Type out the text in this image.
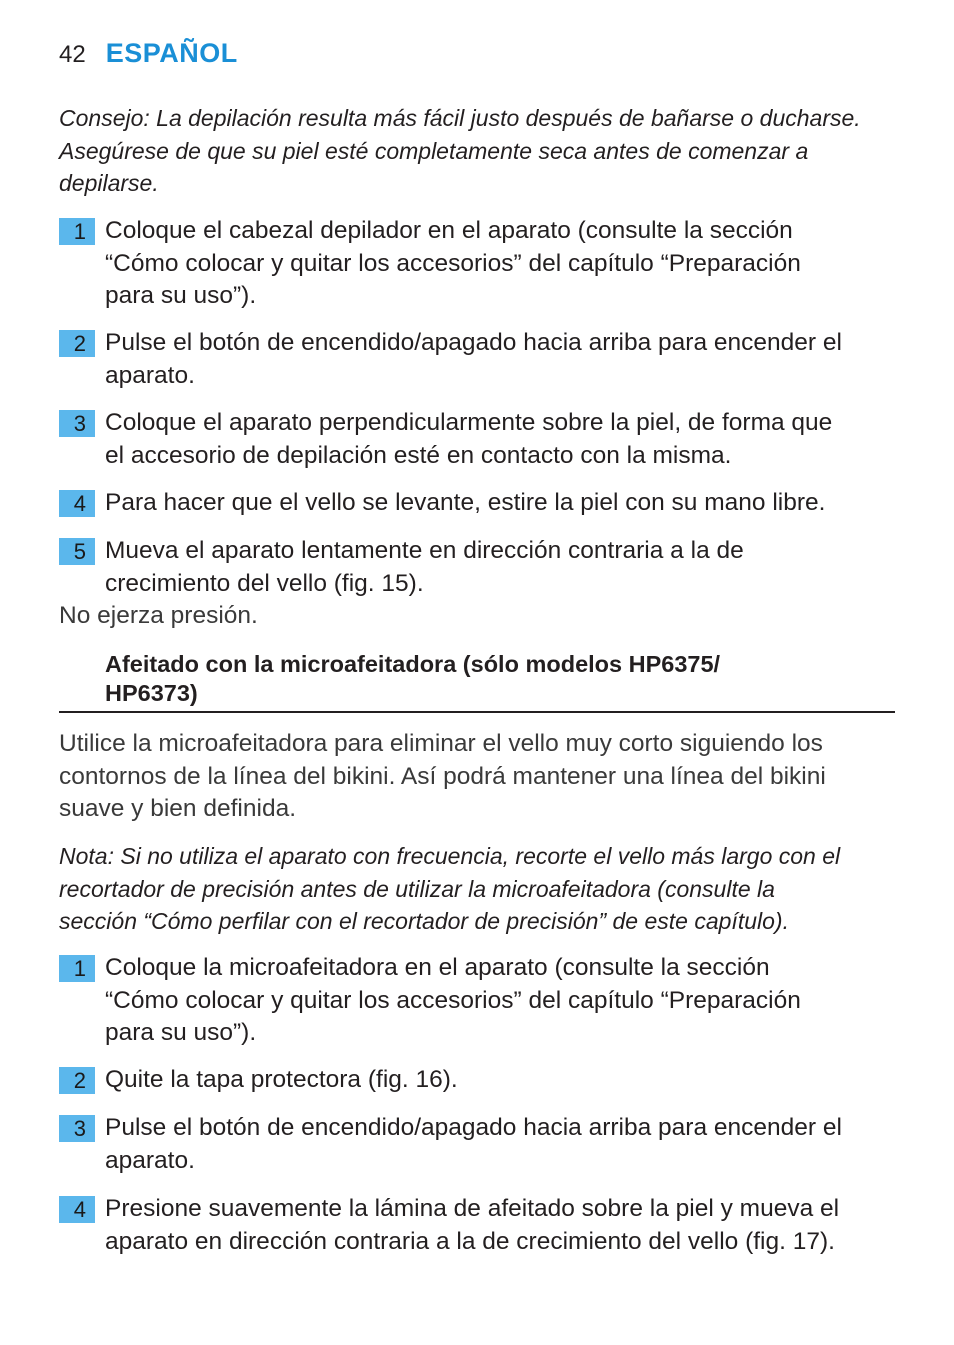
42 ESPAÑOL
Consejo: La depilación resulta más fácil justo después de bañarse o ducharse.
Asegúrese de que su piel esté completamente seca antes de comenzar a
depilarse.
1 Coloque el cabezal depilador en el aparato (consulte la sección
“Cómo colocar y quitar los accesorios” del capítulo “Preparación
para su uso”).
2 Pulse el botón de encendido/apagado hacia arriba para encender el
aparato.
3 Coloque el aparato perpendicularmente sobre la piel, de forma que
el accesorio de depilación esté en contacto con la misma.
4 Para hacer que el vello se levante, estire la piel con su mano libre.
5 Mueva el aparato lentamente en dirección contraria a la de
crecimiento del vello (fig. 15).
No ejerza presión.
Afeitado con la microafeitadora (sólo modelos HP6375/
HP6373)
Utilice la microafeitadora para eliminar el vello muy corto siguiendo los
contornos de la línea del bikini. Así podrá mantener una línea del bikini
suave y bien definida.
Nota: Si no utiliza el aparato con frecuencia, recorte el vello más largo con el
recortador de precisión antes de utilizar la microafeitadora (consulte la
sección “Cómo perfilar con el recortador de precisión” de este capítulo).
1 Coloque la microafeitadora en el aparato (consulte la sección
“Cómo colocar y quitar los accesorios” del capítulo “Preparación
para su uso”).
2 Quite la tapa protectora (fig. 16).
3 Pulse el botón de encendido/apagado hacia arriba para encender el
aparato.
4 Presione suavemente la lámina de afeitado sobre la piel y mueva el
aparato en dirección contraria a la de crecimiento del vello (fig. 17).
